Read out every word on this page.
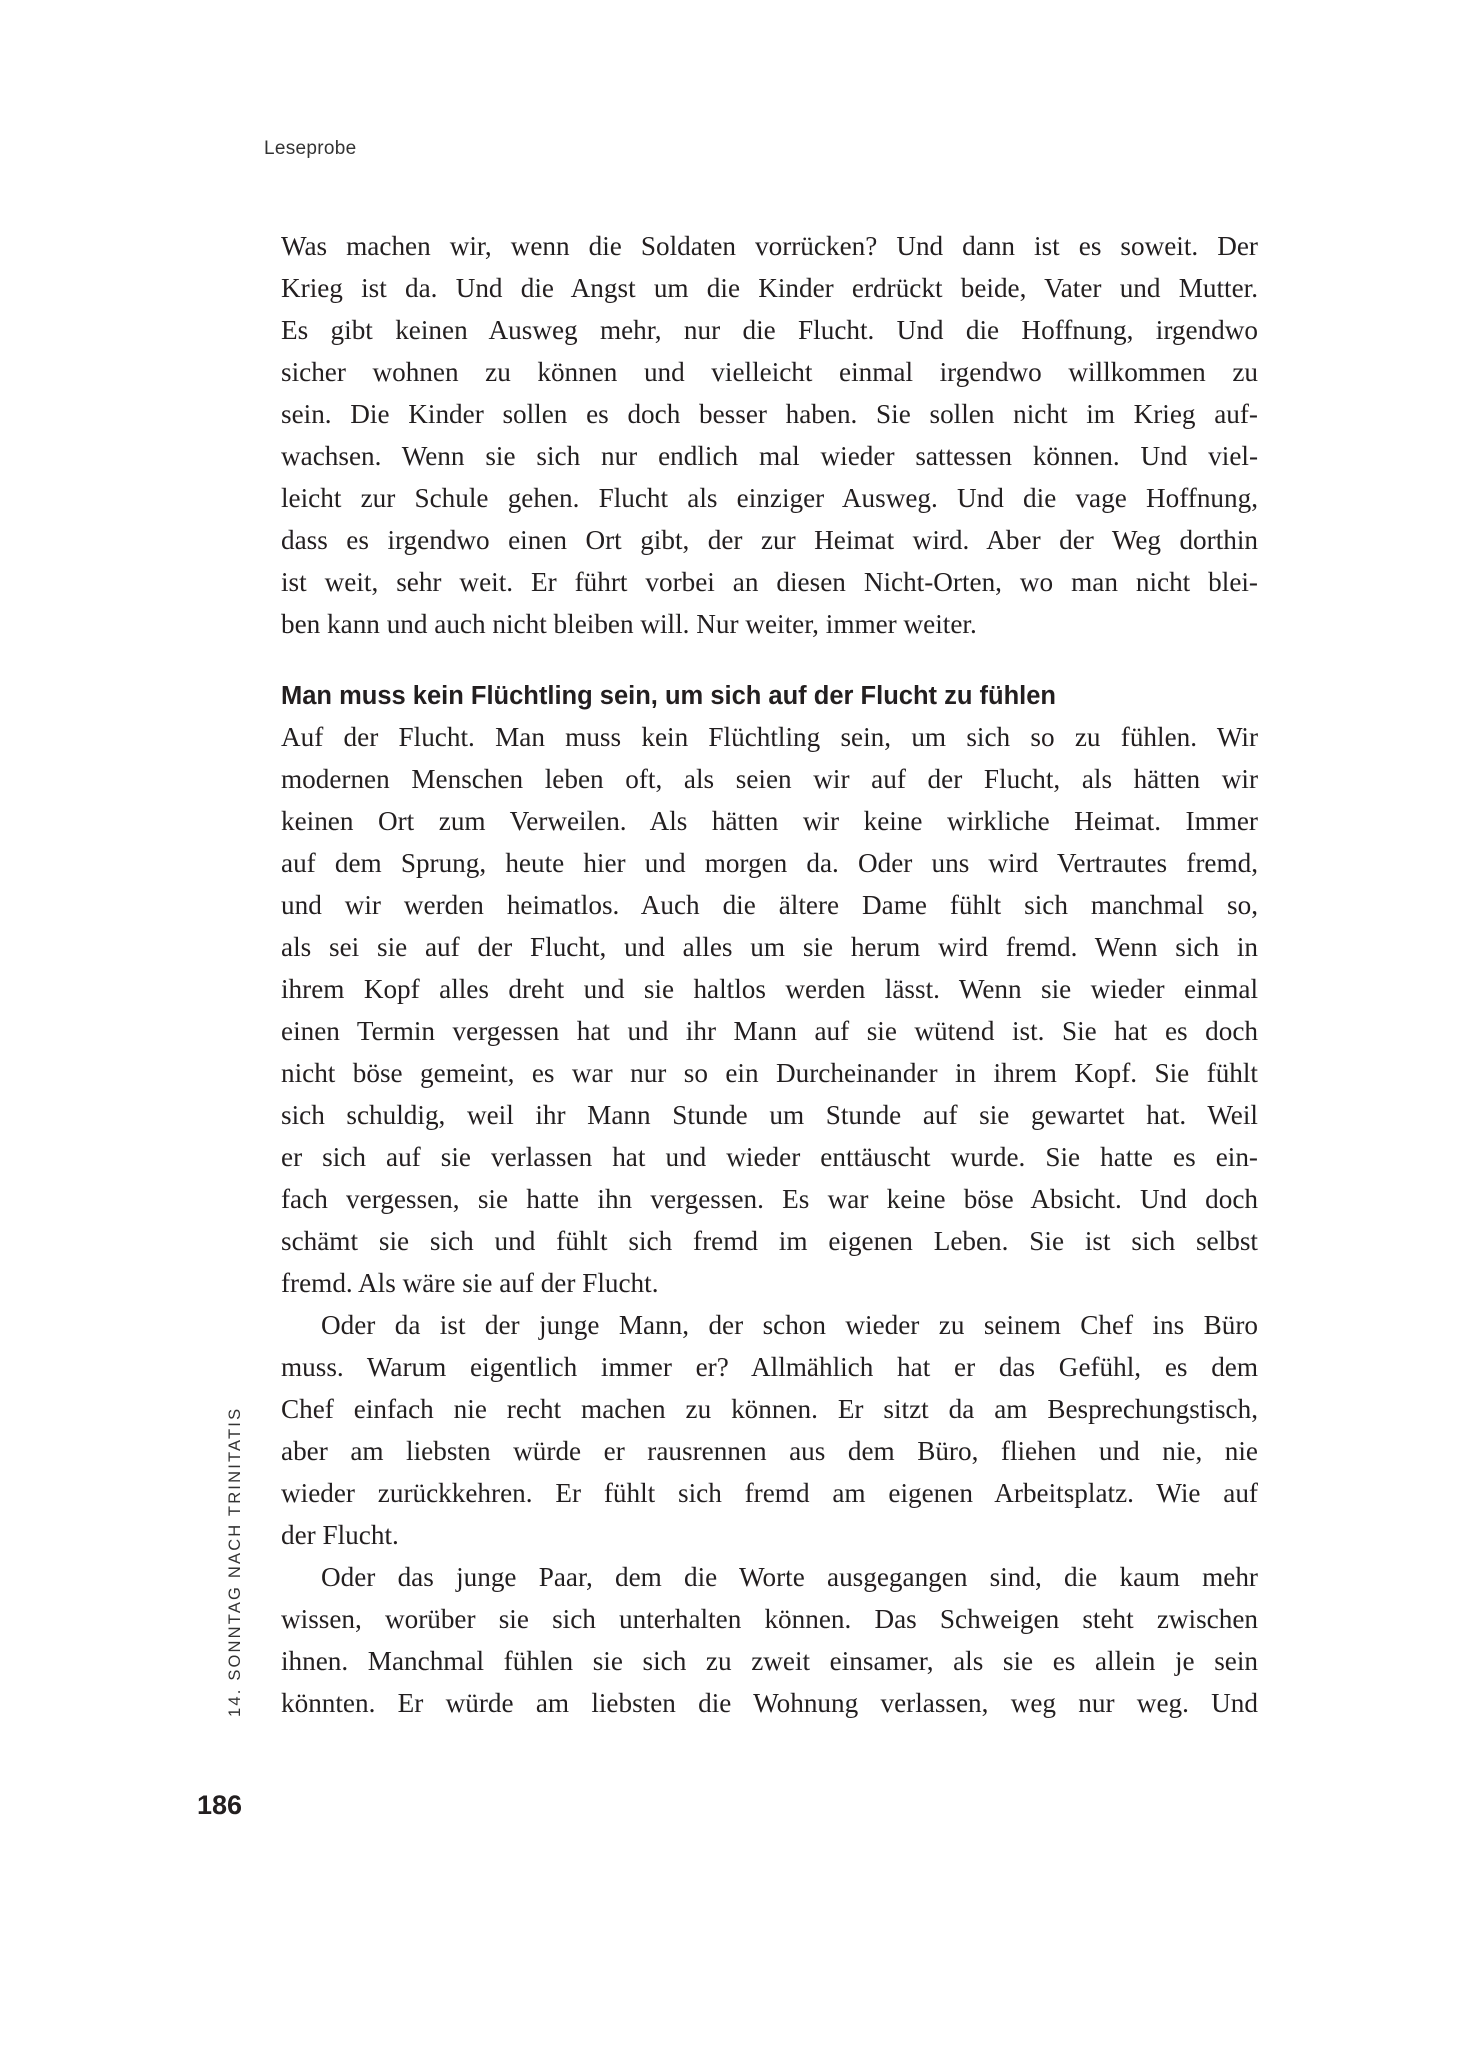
Leseprobe
Was machen wir, wenn die Soldaten vorrücken? Und dann ist es soweit. Der
Krieg ist da. Und die Angst um die Kinder erdrückt beide, Vater und Mutter.
Es gibt keinen Ausweg mehr, nur die Flucht. Und die Hoffnung, irgendwo
sicher wohnen zu können und vielleicht einmal irgendwo willkommen zu
sein. Die Kinder sollen es doch besser haben. Sie sollen nicht im Krieg auf-
wachsen. Wenn sie sich nur endlich mal wieder sattessen können. Und viel-
leicht zur Schule gehen. Flucht als einziger Ausweg. Und die vage Hoffnung,
dass es irgendwo einen Ort gibt, der zur Heimat wird. Aber der Weg dorthin
ist weit, sehr weit. Er führt vorbei an diesen Nicht-Orten, wo man nicht blei-
ben kann und auch nicht bleiben will. Nur weiter, immer weiter.
Man muss kein Flüchtling sein, um sich auf der Flucht zu fühlen
Auf der Flucht. Man muss kein Flüchtling sein, um sich so zu fühlen. Wir
modernen Menschen leben oft, als seien wir auf der Flucht, als hätten wir
keinen Ort zum Verweilen. Als hätten wir keine wirkliche Heimat. Immer
auf dem Sprung, heute hier und morgen da. Oder uns wird Vertrautes fremd,
und wir werden heimatlos. Auch die ältere Dame fühlt sich manchmal so,
als sei sie auf der Flucht, und alles um sie herum wird fremd. Wenn sich in
ihrem Kopf alles dreht und sie haltlos werden lässt. Wenn sie wieder einmal
einen Termin vergessen hat und ihr Mann auf sie wütend ist. Sie hat es doch
nicht böse gemeint, es war nur so ein Durcheinander in ihrem Kopf. Sie fühlt
sich schuldig, weil ihr Mann Stunde um Stunde auf sie gewartet hat. Weil
er sich auf sie verlassen hat und wieder enttäuscht wurde. Sie hatte es ein-
fach vergessen, sie hatte ihn vergessen. Es war keine böse Absicht. Und doch
schämt sie sich und fühlt sich fremd im eigenen Leben. Sie ist sich selbst
fremd. Als wäre sie auf der Flucht.
Oder da ist der junge Mann, der schon wieder zu seinem Chef ins Büro
muss. Warum eigentlich immer er? Allmählich hat er das Gefühl, es dem
Chef einfach nie recht machen zu können. Er sitzt da am Besprechungstisch,
aber am liebsten würde er rausrennen aus dem Büro, fliehen und nie, nie
wieder zurückkehren. Er fühlt sich fremd am eigenen Arbeitsplatz. Wie auf
der Flucht.
Oder das junge Paar, dem die Worte ausgegangen sind, die kaum mehr
wissen, worüber sie sich unterhalten können. Das Schweigen steht zwischen
ihnen. Manchmal fühlen sie sich zu zweit einsamer, als sie es allein je sein
könnten. Er würde am liebsten die Wohnung verlassen, weg nur weg. Und
14. SONNTAG NACH TRINITATIS
186
